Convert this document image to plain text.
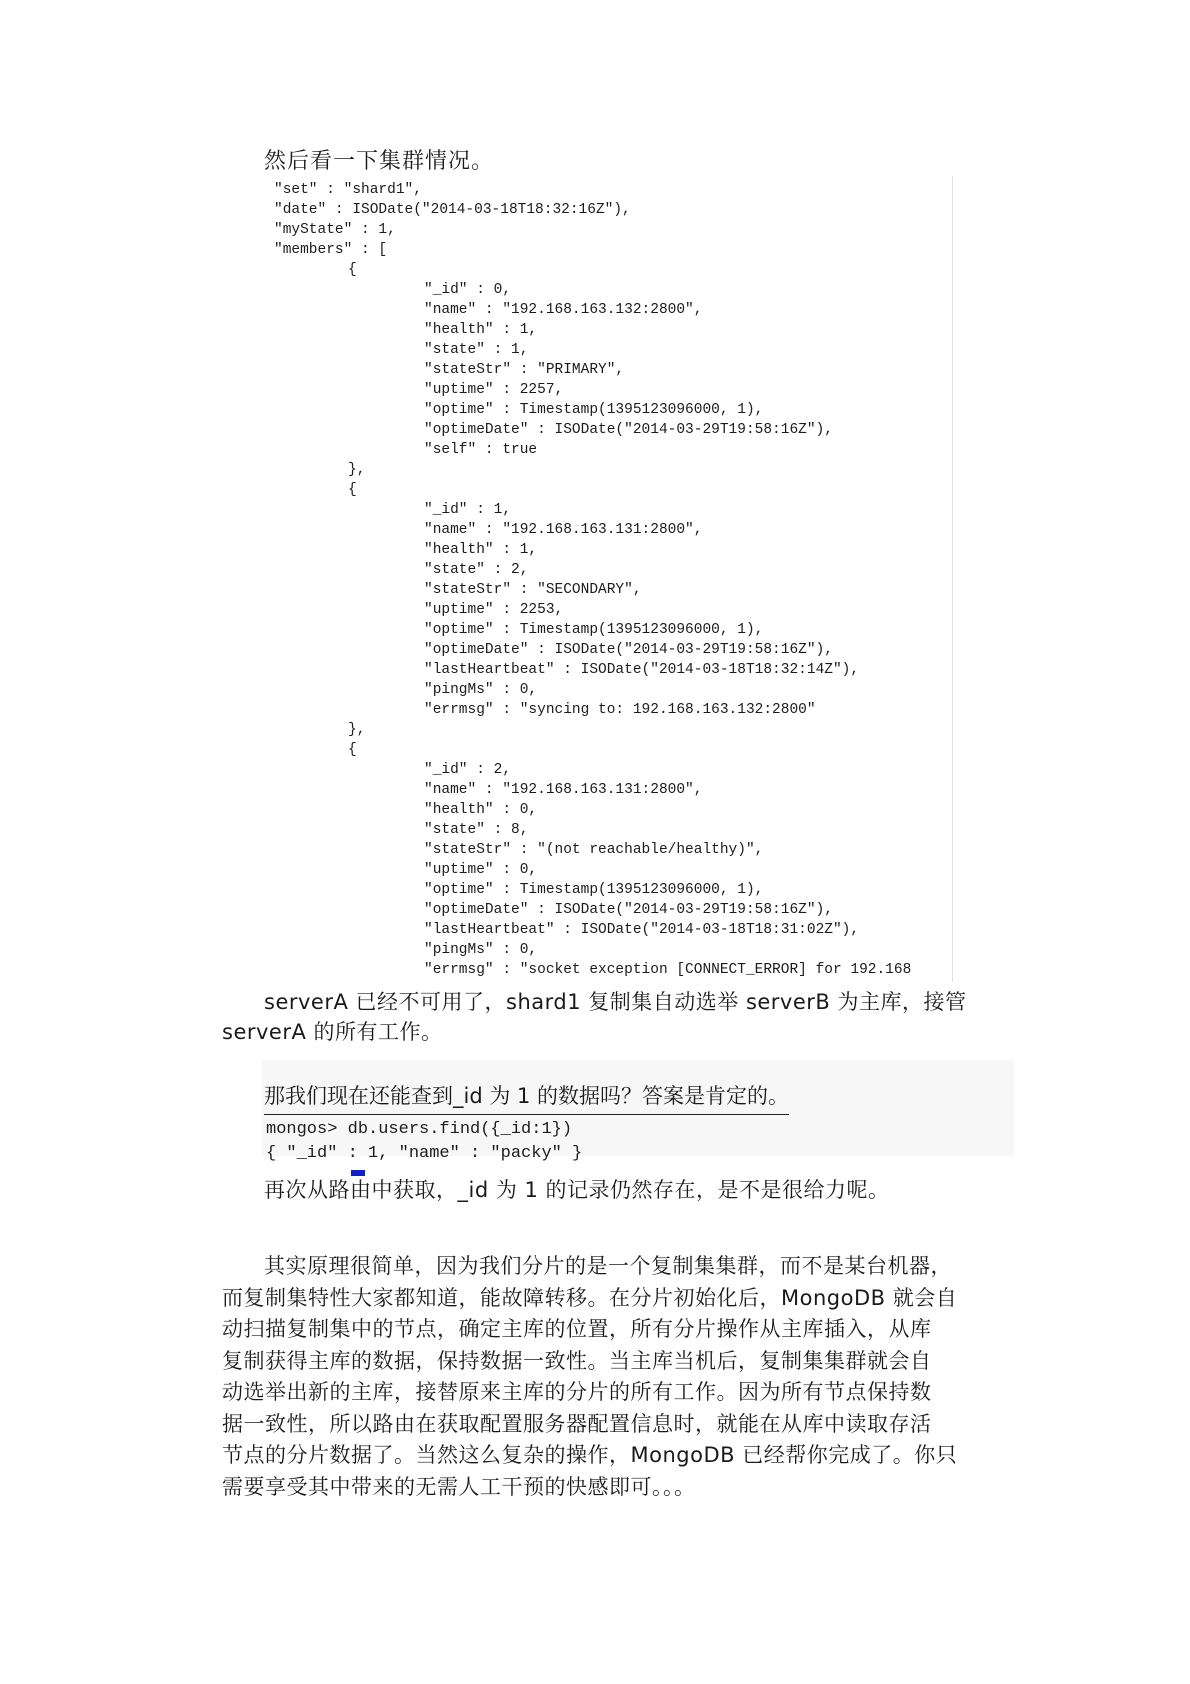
然后看一下集群情况。
"set" : "shard1",
"date" : ISODate("2014-03-18T18:32:16Z"),
"myState" : 1,
"members" : [
{
"_id" : 0,
"name" : "192.168.163.132:2800",
"health" : 1,
"state" : 1,
"stateStr" : "PRIMARY",
"uptime" : 2257,
"optime" : Timestamp(1395123096000, 1),
"optimeDate" : ISODate("2014-03-29T19:58:16Z"),
"self" : true
},
{
"_id" : 1,
"name" : "192.168.163.131:2800",
"health" : 1,
"state" : 2,
"stateStr" : "SECONDARY",
"uptime" : 2253,
"optime" : Timestamp(1395123096000, 1),
"optimeDate" : ISODate("2014-03-29T19:58:16Z"),
"lastHeartbeat" : ISODate("2014-03-18T18:32:14Z"),
"pingMs" : 0,
"errmsg" : "syncing to: 192.168.163.132:2800"
},
{
"_id" : 2,
"name" : "192.168.163.131:2800",
"health" : 0,
"state" : 8,
"stateStr" : "(not reachable/healthy)",
"uptime" : 0,
"optime" : Timestamp(1395123096000, 1),
"optimeDate" : ISODate("2014-03-29T19:58:16Z"),
"lastHeartbeat" : ISODate("2014-03-18T18:31:02Z"),
"pingMs" : 0,
"errmsg" : "socket exception [CONNECT_ERROR] for 192.168
serverA 已经不可用了，shard1 复制集自动选举 serverB 为主库，接管
serverA 的所有工作。
那我们现在还能查到_id 为 1 的数据吗？答案是肯定的。
mongos> db.users.find({_id:1})
{ "_id" : 1, "name" : "packy" }
再次从路由中获取，_id 为 1 的记录仍然存在，是不是很给力呢。
其实原理很简单，因为我们分片的是一个复制集集群，而不是某台机器，
而复制集特性大家都知道，能故障转移。在分片初始化后，MongoDB 就会自
动扫描复制集中的节点，确定主库的位置，所有分片操作从主库插入，从库
复制获得主库的数据，保持数据一致性。当主库当机后，复制集集群就会自
动选举出新的主库，接替原来主库的分片的所有工作。因为所有节点保持数
据一致性，所以路由在获取配置服务器配置信息时，就能在从库中读取存活
节点的分片数据了。当然这么复杂的操作，MongoDB 已经帮你完成了。你只
需要享受其中带来的无需人工干预的快感即可。。。
